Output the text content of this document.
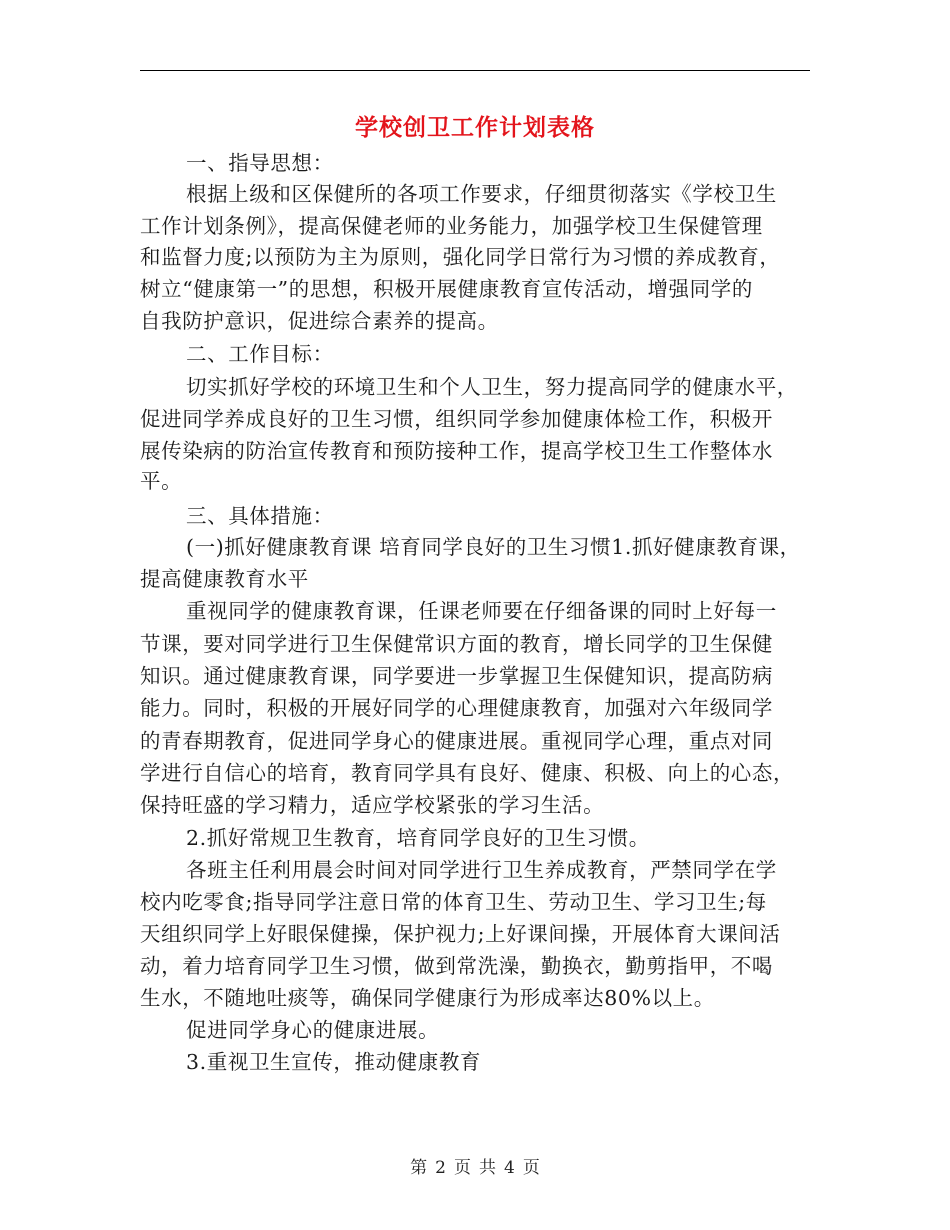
学校创卫工作计划表格
一、指导思想：
根据上级和区保健所的各项工作要求，仔细贯彻落实《学校卫生
工作计划条例》，提高保健老师的业务能力，加强学校卫生保健管理
和监督力度;以预防为主为原则，强化同学日常行为习惯的养成教育，
树立“健康第一”的思想，积极开展健康教育宣传活动，增强同学的
自我防护意识，促进综合素养的提高。
二、工作目标：
切实抓好学校的环境卫生和个人卫生，努力提高同学的健康水平，
促进同学养成良好的卫生习惯，组织同学参加健康体检工作，积极开
展传染病的防治宣传教育和预防接种工作，提高学校卫生工作整体水
平。
三、具体措施：
(一)抓好健康教育课 培育同学良好的卫生习惯1.抓好健康教育课，
提高健康教育水平
重视同学的健康教育课，任课老师要在仔细备课的同时上好每一
节课，要对同学进行卫生保健常识方面的教育，增长同学的卫生保健
知识。通过健康教育课，同学要进一步掌握卫生保健知识，提高防病
能力。同时，积极的开展好同学的心理健康教育，加强对六年级同学
的青春期教育，促进同学身心的健康进展。重视同学心理，重点对同
学进行自信心的培育，教育同学具有良好、健康、积极、向上的心态，
保持旺盛的学习精力，适应学校紧张的学习生活。
2.抓好常规卫生教育，培育同学良好的卫生习惯。
各班主任利用晨会时间对同学进行卫生养成教育，严禁同学在学
校内吃零食;指导同学注意日常的体育卫生、劳动卫生、学习卫生;每
天组织同学上好眼保健操，保护视力;上好课间操，开展体育大课间活
动，着力培育同学卫生习惯，做到常洗澡，勤换衣，勤剪指甲，不喝
生水，不随地吐痰等，确保同学健康行为形成率达80%以上。
促进同学身心的健康进展。
3.重视卫生宣传，推动健康教育
第 2 页 共 4 页
